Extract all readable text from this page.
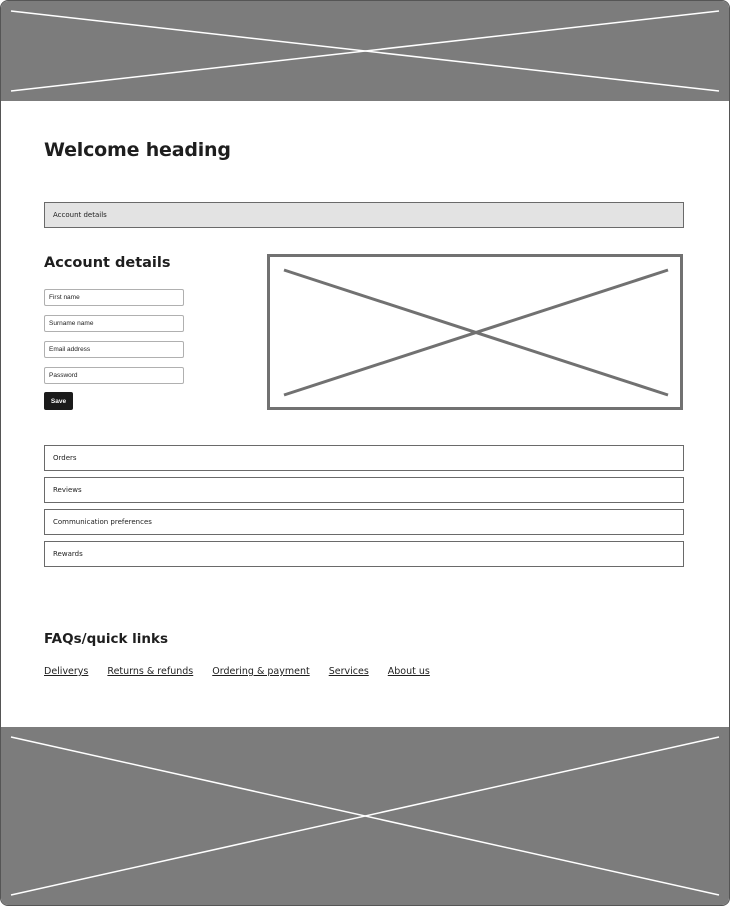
Welcome heading
Account details
Account details
First name
Surname name
Email address
Save
Orders
Reviews
Communication preferences
Rewards
FAQs/quick links
Deliverys Returns & refunds Ordering & payment Services About us
